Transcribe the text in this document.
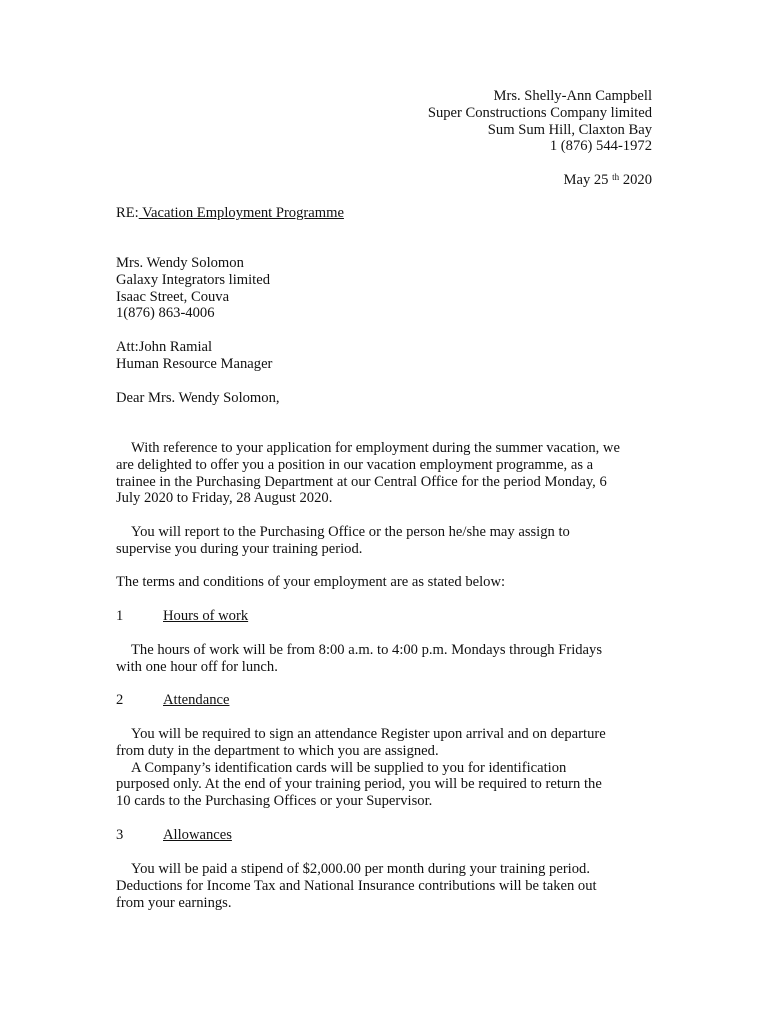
Mrs. Shelly-Ann Campbell
Super Constructions Company limited
Sum Sum Hill, Claxton Bay
1 (876) 544-1972
May 25 $^{th}$ 2020
RE: Vacation Employment Programme
Mrs. Wendy Solomon
Galaxy Integrators limited
Isaac Street, Couva
1(876) 863-4006
Att:John Ramial
Human Resource Manager
Dear Mrs. Wendy Solomon,
With reference to your application for employment during the summer vacation, we
are delighted to offer you a position in our vacation employment programme, as a
trainee in the Purchasing Department at our Central Office for the period Monday, 6
July 2020 to Friday, 28 August 2020.
You will report to the Purchasing Office or the person he/she may assign to
supervise you during your training period.
The terms and conditions of your employment are as stated below:
1	Hours of work
The hours of work will be from 8:00 a.m. to 4:00 p.m. Mondays through Fridays
with one hour off for lunch.
2	Attendance
You will be required to sign an attendance Register upon arrival and on departure
from duty in the department to which you are assigned.
A Company’s identification cards will be supplied to you for identification
purposed only. At the end of your training period, you will be required to return the
10 cards to the Purchasing Offices or your Supervisor.
3	Allowances
You will be paid a stipend of $2,000.00 per month during your training period.
Deductions for Income Tax and National Insurance contributions will be taken out
from your earnings.
